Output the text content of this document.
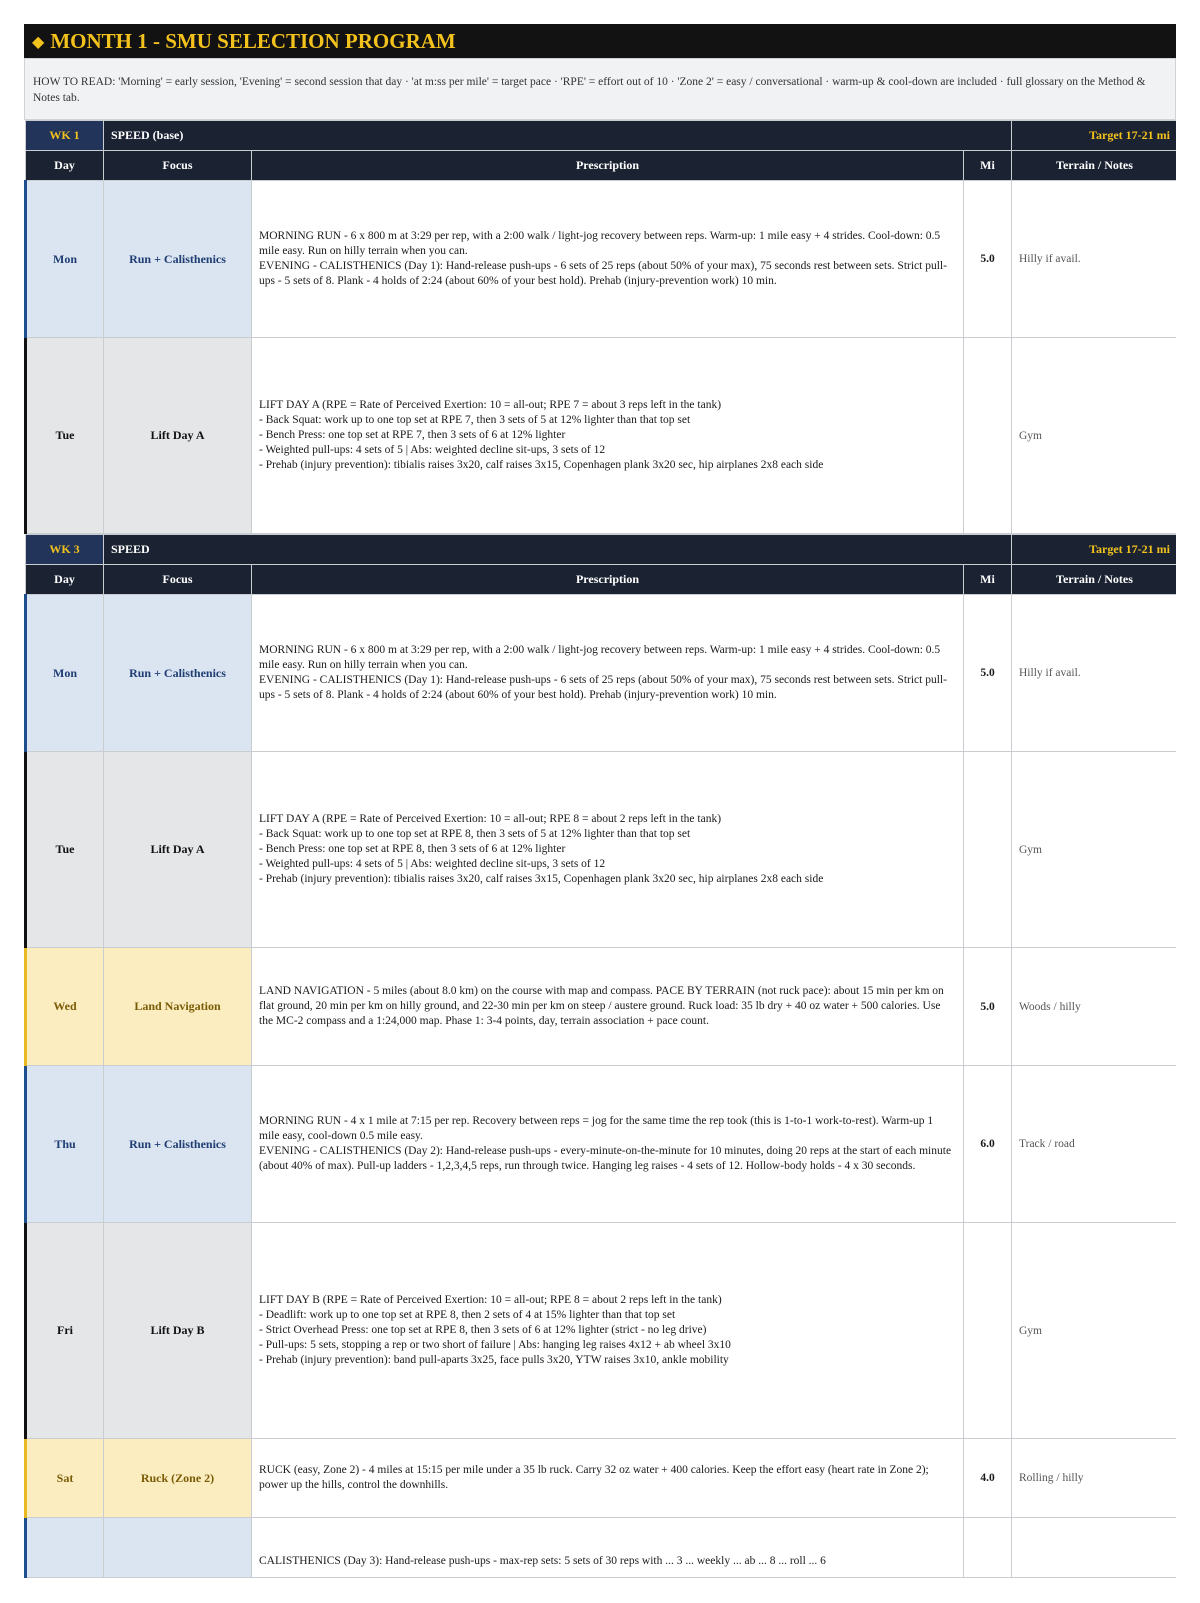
◆ MONTH 1 - SMU SELECTION PROGRAM
HOW TO READ: 'Morning' = early session, 'Evening' = second session that day · 'at m:ss per mile' = target pace · 'RPE' = effort out of 10 · 'Zone 2' = easy / conversational · warm-up & cool-down are included · full glossary on the Method & Notes tab.
WK 1	SPEED (base)			Target 17-21 mi
Day	Focus	Prescription	Mi	Terrain / Notes
Mon	Run + Calisthenics	MORNING RUN - 6 x 800 m at 3:29 per rep, with a 2:00 walk / light-jog recovery between reps. Warm-up: 1 mile easy + 4 strides. Cool-down: 0.5 mile easy. Run on hilly terrain when you can.
EVENING - CALISTHENICS (Day 1): Hand-release push-ups - 6 sets of 25 reps (about 50% of your max), 75 seconds rest between sets. Strict pull-ups - 5 sets of 8. Plank - 4 holds of 2:24 (about 60% of your best hold). Prehab (injury-prevention work) 10 min.	5.0	Hilly if avail.
Tue	Lift Day A	LIFT DAY A (RPE = Rate of Perceived Exertion: 10 = all-out; RPE 7 = about 3 reps left in the tank)
- Back Squat: work up to one top set at RPE 7, then 3 sets of 5 at 12% lighter than that top set
- Bench Press: one top set at RPE 7, then 3 sets of 6 at 12% lighter
- Weighted pull-ups: 4 sets of 5 | Abs: weighted decline sit-ups, 3 sets of 12
- Prehab (injury prevention): tibialis raises 3x20, calf raises 3x15, Copenhagen plank 3x20 sec, hip airplanes 2x8 each side		Gym
WK 3	SPEED			Target 17-21 mi
Day	Focus	Prescription	Mi	Terrain / Notes
Mon	Run + Calisthenics	MORNING RUN - 6 x 800 m at 3:29 per rep, with a 2:00 walk / light-jog recovery between reps. Warm-up: 1 mile easy + 4 strides. Cool-down: 0.5 mile easy. Run on hilly terrain when you can.
EVENING - CALISTHENICS (Day 1): Hand-release push-ups - 6 sets of 25 reps (about 50% of your max), 75 seconds rest between sets. Strict pull-ups - 5 sets of 8. Plank - 4 holds of 2:24 (about 60% of your best hold). Prehab (injury-prevention work) 10 min.	5.0	Hilly if avail.
Tue	Lift Day A	LIFT DAY A (RPE = Rate of Perceived Exertion: 10 = all-out; RPE 8 = about 2 reps left in the tank)
- Back Squat: work up to one top set at RPE 8, then 3 sets of 5 at 12% lighter than that top set
- Bench Press: one top set at RPE 8, then 3 sets of 6 at 12% lighter
- Weighted pull-ups: 4 sets of 5 | Abs: weighted decline sit-ups, 3 sets of 12
- Prehab (injury prevention): tibialis raises 3x20, calf raises 3x15, Copenhagen plank 3x20 sec, hip airplanes 2x8 each side		Gym
Wed	Land Navigation	LAND NAVIGATION - 5 miles (about 8.0 km) on the course with map and compass. PACE BY TERRAIN (not ruck pace): about 15 min per km on flat ground, 20 min per km on hilly ground, and 22-30 min per km on steep / austere ground. Ruck load: 35 lb dry + 40 oz water + 500 calories. Use the MC-2 compass and a 1:24,000 map. Phase 1: 3-4 points, day, terrain association + pace count.	5.0	Woods / hilly
Thu	Run + Calisthenics	MORNING RUN - 4 x 1 mile at 7:15 per rep. Recovery between reps = jog for the same time the rep took (this is 1-to-1 work-to-rest). Warm-up 1 mile easy, cool-down 0.5 mile easy.
EVENING - CALISTHENICS (Day 2): Hand-release push-ups - every-minute-on-the-minute for 10 minutes, doing 20 reps at the start of each minute (about 40% of max). Pull-up ladders - 1,2,3,4,5 reps, run through twice. Hanging leg raises - 4 sets of 12. Hollow-body holds - 4 x 30 seconds.	6.0	Track / road
Fri	Lift Day B	LIFT DAY B (RPE = Rate of Perceived Exertion: 10 = all-out; RPE 8 = about 2 reps left in the tank)
- Deadlift: work up to one top set at RPE 8, then 2 sets of 4 at 15% lighter than that top set
- Strict Overhead Press: one top set at RPE 8, then 3 sets of 6 at 12% lighter (strict - no leg drive)
- Pull-ups: 5 sets, stopping a rep or two short of failure | Abs: hanging leg raises 4x12 + ab wheel 3x10
- Prehab (injury prevention): band pull-aparts 3x25, face pulls 3x20, YTW raises 3x10, ankle mobility		Gym
Sat	Ruck (Zone 2)	RUCK (easy, Zone 2) - 4 miles at 15:15 per mile under a 35 lb ruck. Carry 32 oz water + 400 calories. Keep the effort easy (heart rate in Zone 2); power up the hills, control the downhills.	4.0	Rolling / hilly
		CALISTHENICS (Day 3): Hand-release push-ups - max-rep sets: 5 sets of 30 reps with ... 3 ... weekly ... ab ... 8 ... roll ... 6		
